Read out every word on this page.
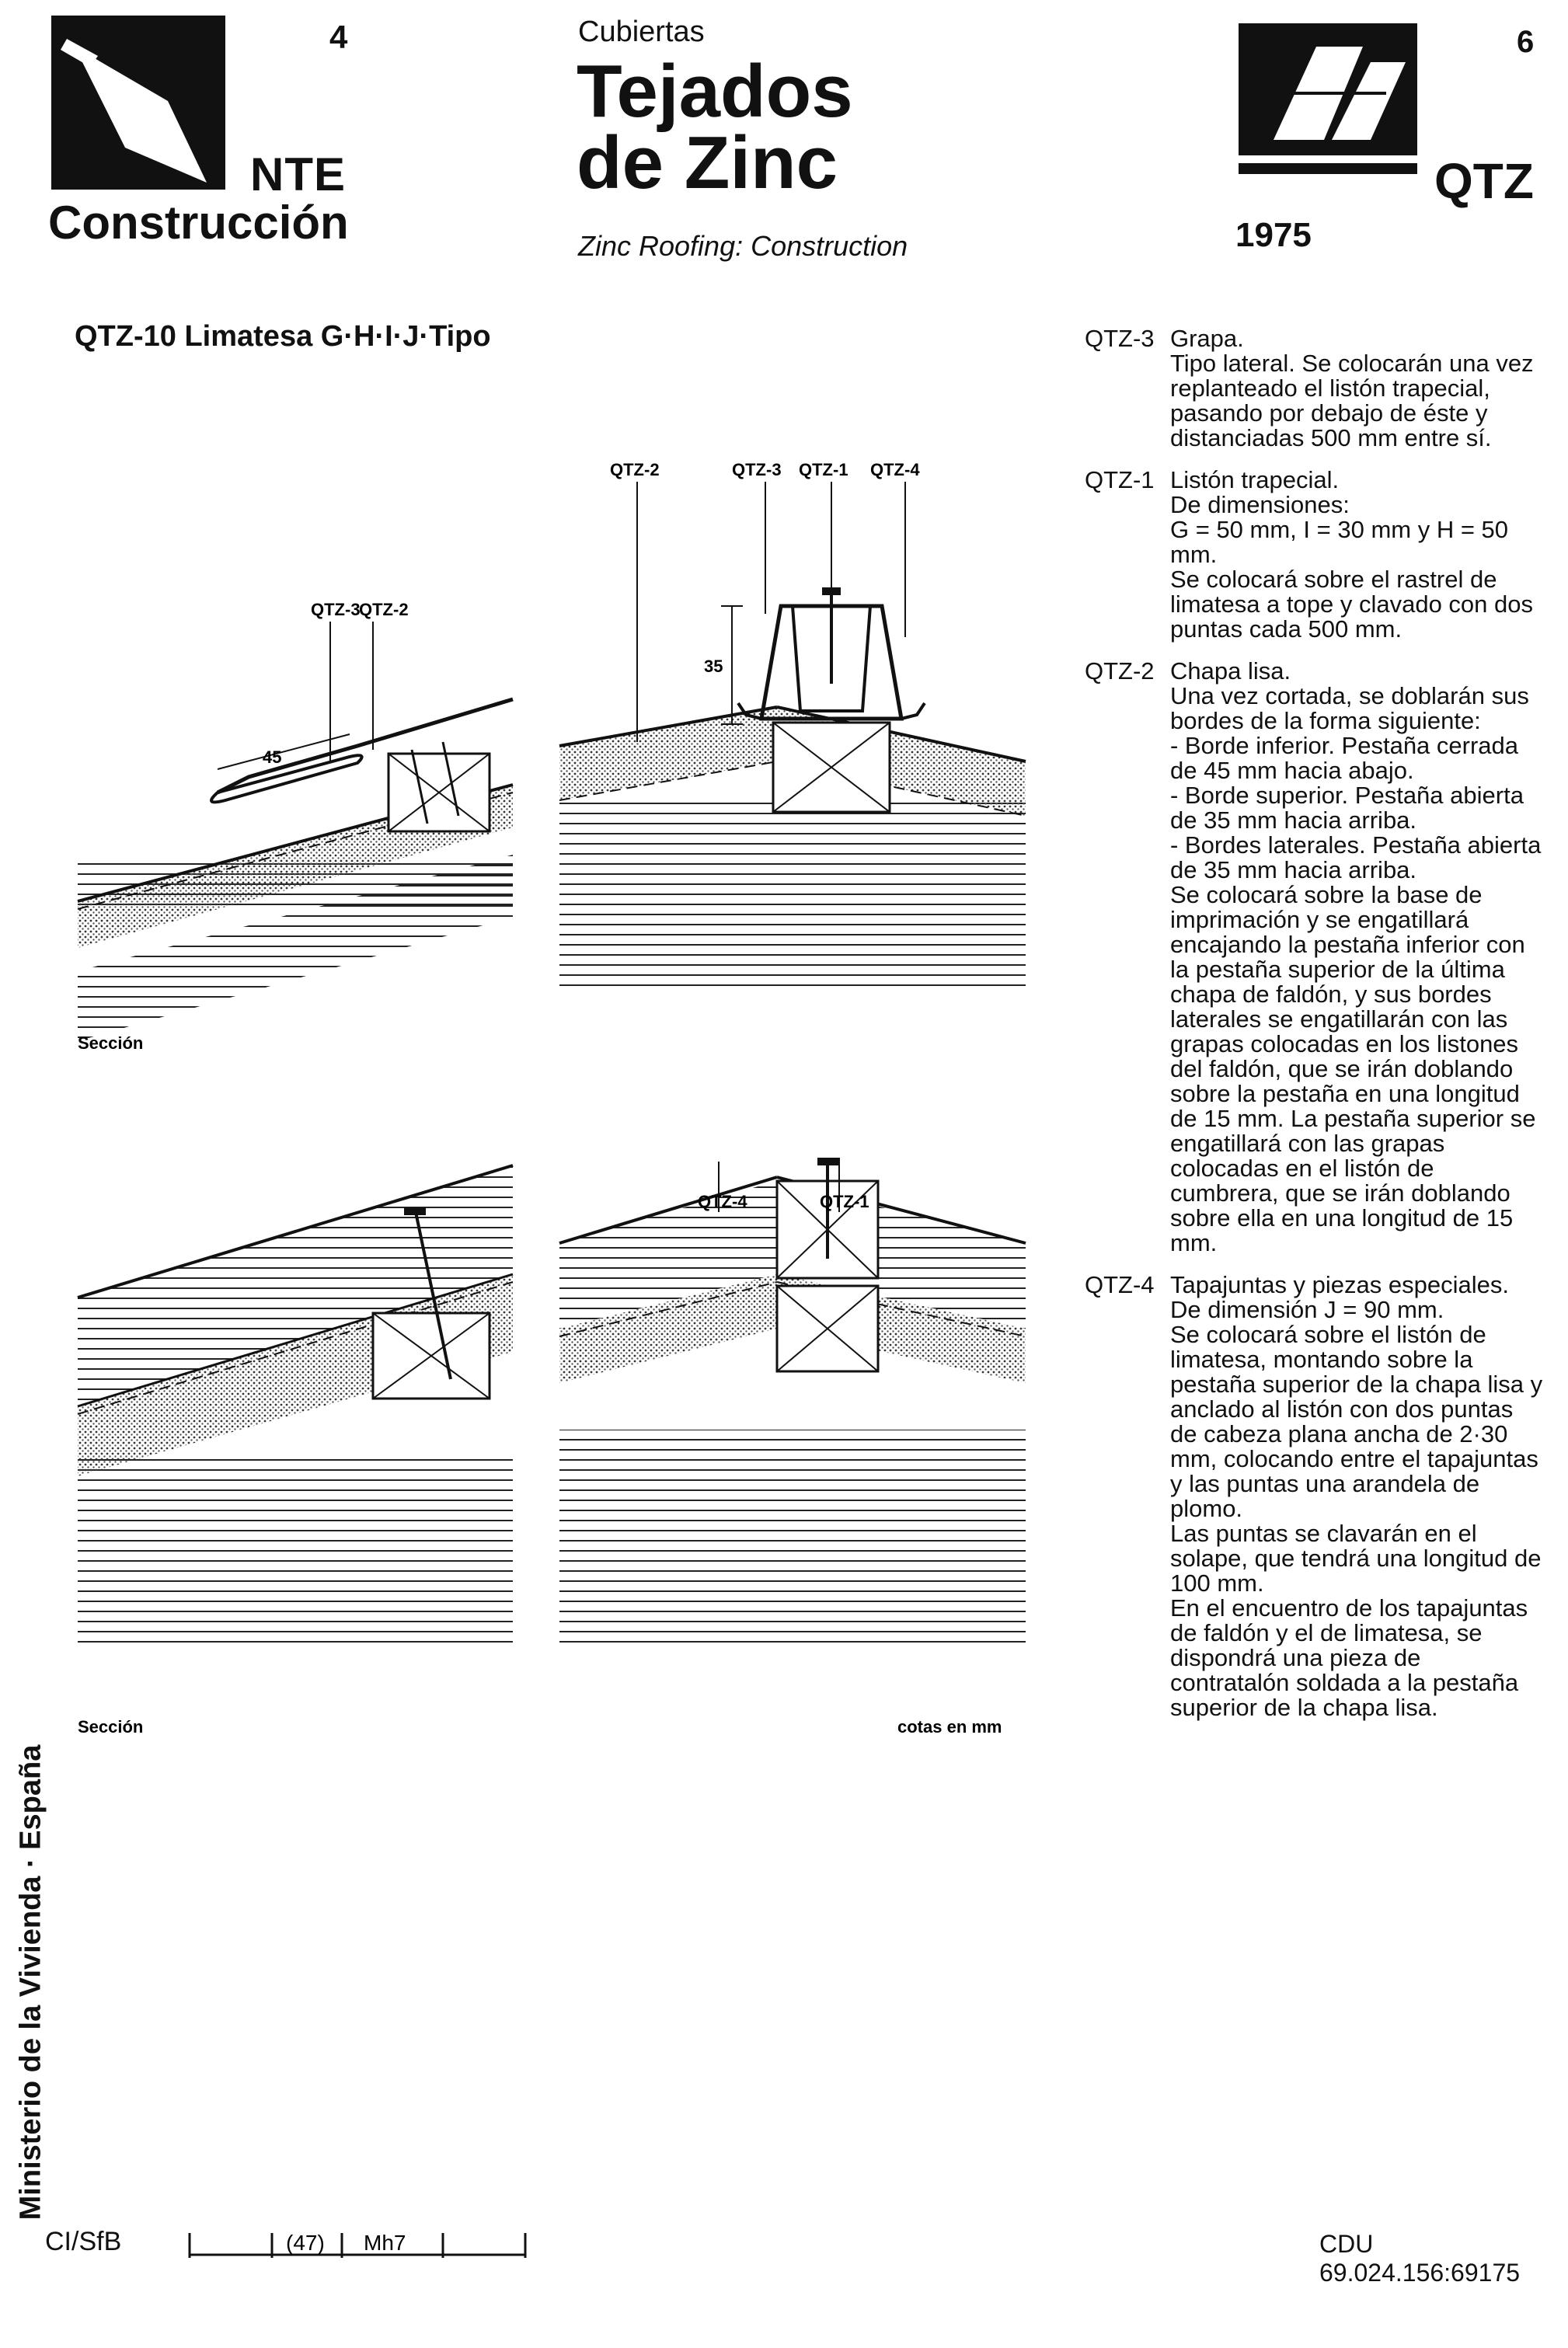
4
NTE
Construcción
Cubiertas
Tejados
de Zinc
Zinc Roofing: Construction
6
QTZ
1975
QTZ-10 Limatesa G·H·I·J·Tipo
QTZ-3
QTZ-2
45
Sección
QTZ-2	QTZ-3 QTZ-1 QTZ-4
35
Sección
QTZ-4	QTZ-1
cotas en mm
QTZ-3 Grapa.

Tipo lateral. Se colocarán una vez replanteado el listón trapecial, pasando por debajo de éste y distanciadas 500 mm entre sí.

QTZ-1 Listón trapecial.

De dimensiones:

G = 50 mm, I = 30 mm y H = 50 mm.

Se colocará sobre el rastrel de limatesa a tope y clavado con dos puntas cada 500 mm.

QTZ-2 Chapa lisa.

Una vez cortada, se doblarán sus bordes de la forma siguiente:

- Borde inferior. Pestaña cerrada de 45 mm hacia abajo.

- Borde superior. Pestaña abierta de 35 mm hacia arriba.

- Bordes laterales. Pestaña abierta de 35 mm hacia arriba.

Se colocará sobre la base de imprimación y se engatillará encajando la pestaña inferior con la pestaña superior de la última chapa de faldón, y sus bordes laterales se engatillarán con las grapas colocadas en los listones del faldón, que se irán doblando sobre la pestaña en una longitud de 15 mm. La pestaña superior se engatillará con las grapas colocadas en el listón de cumbrera, que se irán doblando sobre ella en una longitud de 15 mm.

QTZ-4 Tapajuntas y piezas especiales.

De dimensión J = 90 mm.

Se colocará sobre el listón de limatesa, montando sobre la pestaña superior de la chapa lisa y anclado al listón con dos puntas de cabeza plana ancha de 2·30 mm, colocando entre el tapajuntas y las puntas una arandela de plomo.

Las puntas se clavarán en el solape, que tendrá una longitud de 100 mm.

En el encuentro de los tapajuntas de faldón y el de limatesa, se dispondrá una pieza de contratalón soldada a la pestaña superior de la chapa lisa.

Ministerio de la Vivienda · España
CI/SfB	(47) Mh7	CDU 69.024.156:69175
